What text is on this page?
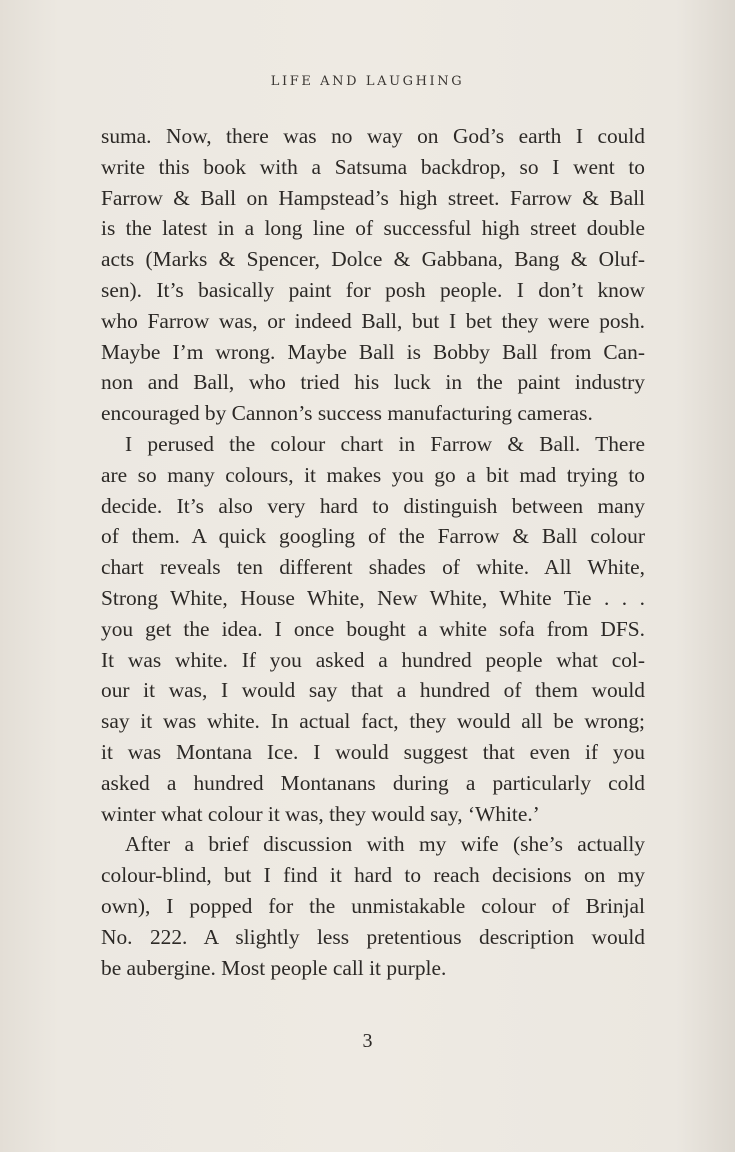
LIFE AND LAUGHING

suma. Now, there was no way on God’s earth I could
write this book with a Satsuma backdrop, so I went to
Farrow & Ball on Hampstead’s high street. Farrow & Ball
is the latest in a long line of successful high street double
acts (Marks & Spencer, Dolce & Gabbana, Bang & Oluf-
sen). It’s basically paint for posh people. I don’t know
who Farrow was, or indeed Ball, but I bet they were posh.
Maybe I’m wrong. Maybe Ball is Bobby Ball from Can-
non and Ball, who tried his luck in the paint industry
encouraged by Cannon’s success manufacturing cameras.

I perused the colour chart in Farrow & Ball. There
are so many colours, it makes you go a bit mad trying to
decide. It’s also very hard to distinguish between many
of them. A quick googling of the Farrow & Ball colour
chart reveals ten different shades of white. All White,
Strong White, House White, New White, White Tie . . .
you get the idea. I once bought a white sofa from DFS.
It was white. If you asked a hundred people what col-
our it was, I would say that a hundred of them would
say it was white. In actual fact, they would all be wrong;
it was Montana Ice. I would suggest that even if you
asked a hundred Montanans during a particularly cold
winter what colour it was, they would say, ‘White.’

After a brief discussion with my wife (she’s actually
colour-blind, but I find it hard to reach decisions on my
own), I popped for the unmistakable colour of Brinjal
No. 222. A slightly less pretentious description would
be aubergine. Most people call it purple.

3
